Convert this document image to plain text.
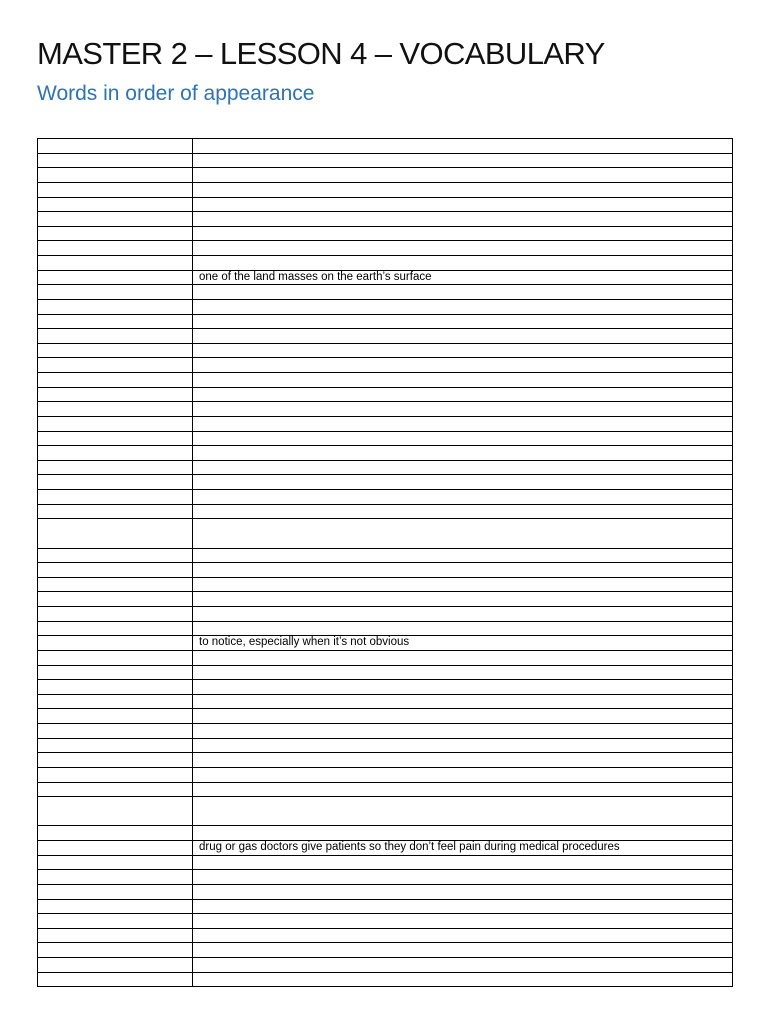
MASTER 2 – LESSON 4 – VOCABULARY
Words in order of appearance

	one of the land masses on the earth’s surface

	to notice, especially when it’s not obvious

	drug or gas doctors give patients so they don’t feel pain during medical procedures
